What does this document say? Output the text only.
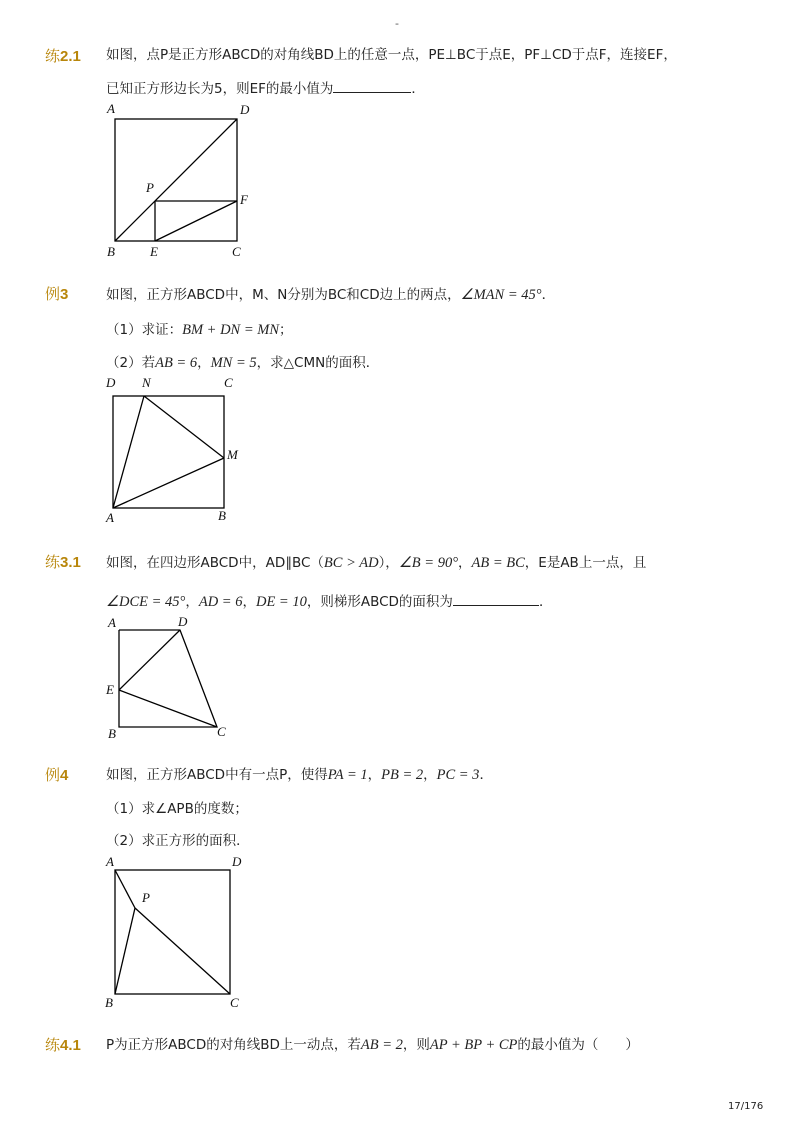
-
练2.1 如图，点P是正方形ABCD的对角线BD上的任意一点，PE⊥BC于点E，PF⊥CD于点F，连接EF，
已知正方形边长为5，则EF的最小值为	．
A	D
P
F
B	E	C
例3	如图，正方形ABCD中，M、N分别为BC和CD边上的两点，∠MAN = 45°．
（1）求证：BM + DN = MN；
（2）若AB = 6，MN = 5，求△CMN的面积．
D N	C
M
A	B
练3.1 如图，在四边形ABCD中，AD∥BC（BC > AD），∠B = 90°，AB = BC，E是AB上一点，且
∠DCE = 45°，AD = 6，DE = 10，则梯形ABCD的面积为	．
A	D
E
B	C
例4	如图，正方形ABCD中有一点P，使得PA = 1，PB = 2，PC = 3．
（1）求∠APB的度数；
（2）求正方形的面积．
A	D
P
B	C
练4.1 P为正方形ABCD的对角线BD上一动点，若AB = 2，则AP + BP + CP的最小值为（　　）
17/176
